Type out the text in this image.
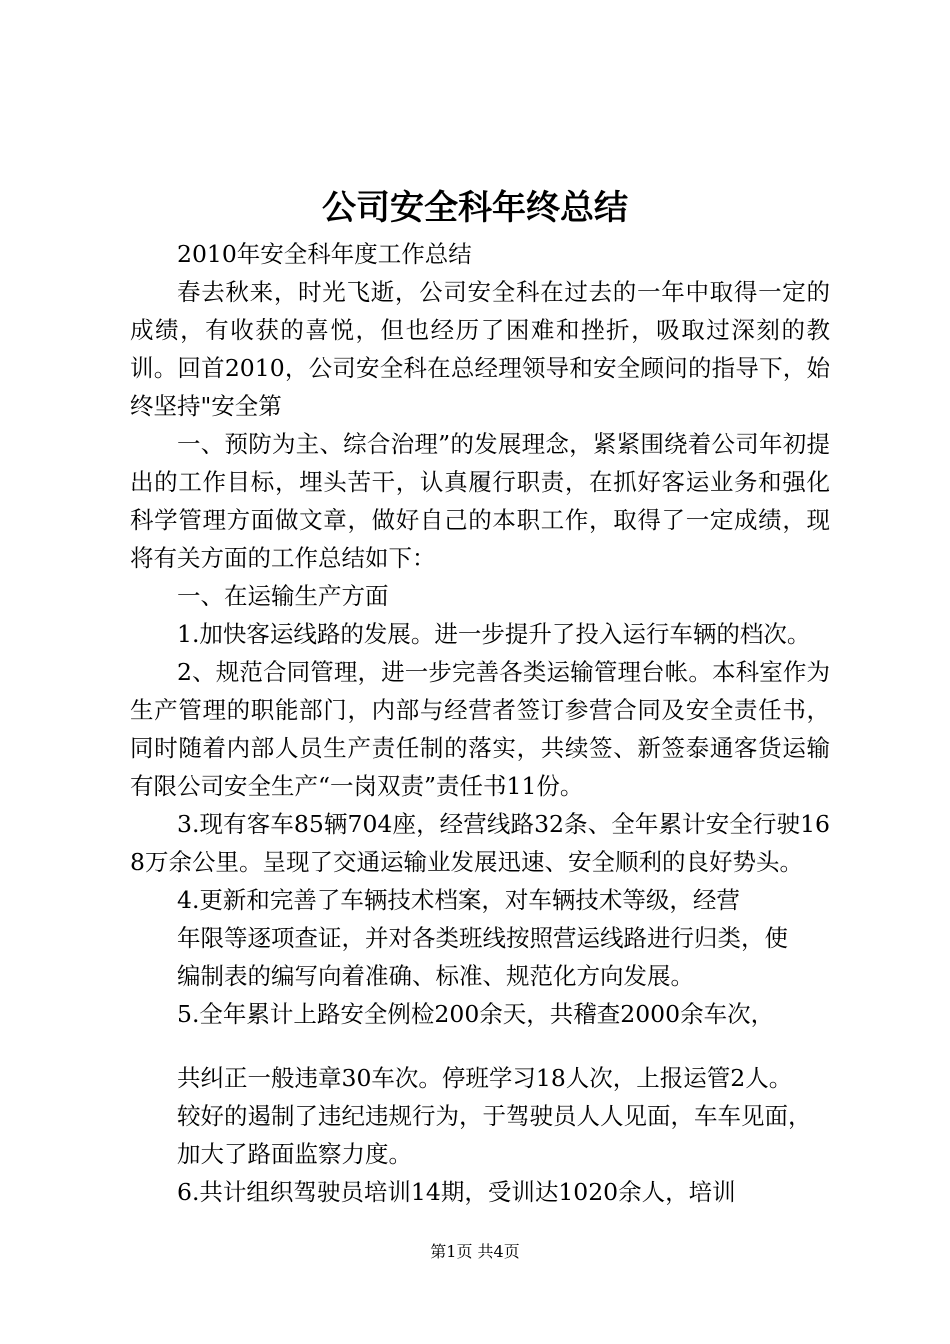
公司安全科年终总结

2010年安全科年度工作总结

春去秋来，时光飞逝，公司安全科在过去的一年中取得一定的成绩，有收获的喜悦，但也经历了困难和挫折，吸取过深刻的教训。回首2010，公司安全科在总经理领导和安全顾问的指导下，始终坚持"安全第

一、预防为主、综合治理”的发展理念，紧紧围绕着公司年初提出的工作目标，埋头苦干，认真履行职责，在抓好客运业务和强化科学管理方面做文章，做好自己的本职工作，取得了一定成绩，现将有关方面的工作总结如下：

一、在运输生产方面

1.加快客运线路的发展。进一步提升了投入运行车辆的档次。

2、规范合同管理，进一步完善各类运输管理台帐。本科室作为生产管理的职能部门，内部与经营者签订参营合同及安全责任书，同时随着内部人员生产责任制的落实，共续签、新签泰通客货运输有限公司安全生产“一岗双责”责任书11份。

3.现有客车85辆704座，经营线路32条、全年累计安全行驶168万余公里。呈现了交通运输业发展迅速、安全顺利的良好势头。

4.更新和完善了车辆技术档案，对车辆技术等级，经营

年限等逐项查证，并对各类班线按照营运线路进行归类，使

编制表的编写向着准确、标准、规范化方向发展。

5.全年累计上路安全例检200余天，共稽查2000余车次，

共纠正一般违章30车次。停班学习18人次，上报运管2人。

较好的遏制了违纪违规行为，于驾驶员人人见面，车车见面，

加大了路面监察力度。

6.共计组织驾驶员培训14期，受训达1020余人，培训

第1页 共4页
